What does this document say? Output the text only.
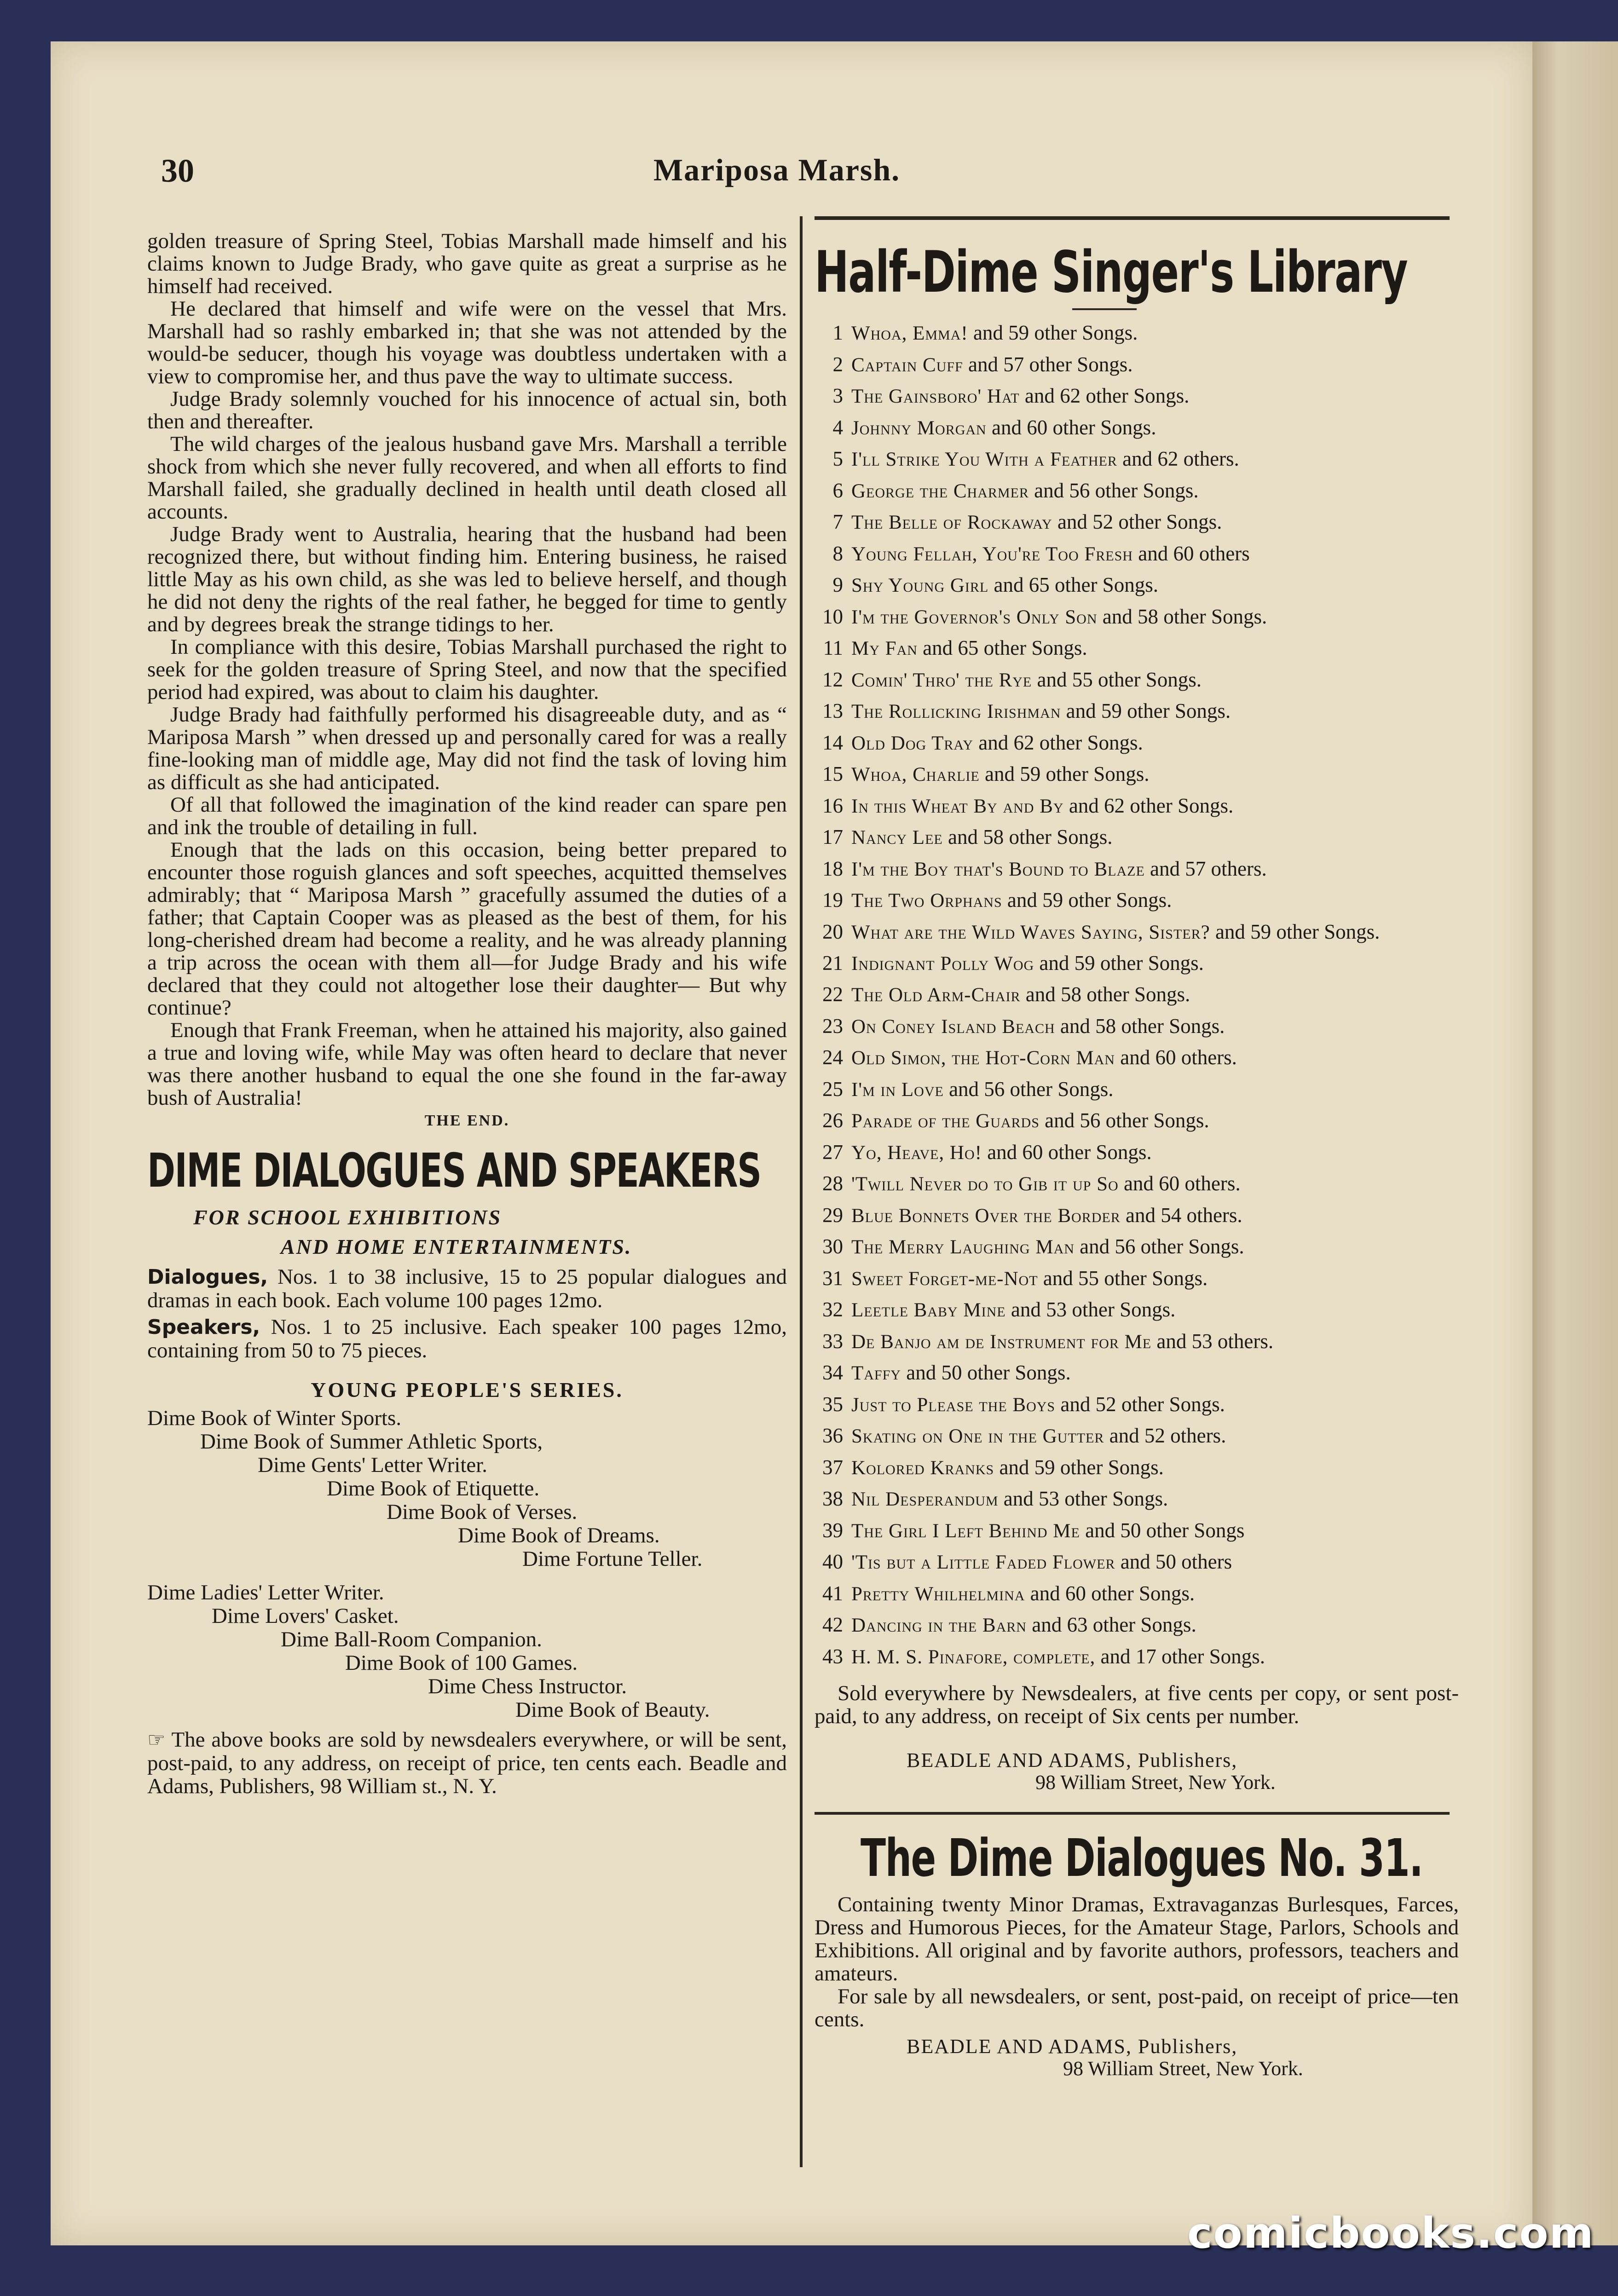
30	Mariposa Marsh.

golden treasure of Spring Steel, Tobias Marshall made himself and his claims known to Judge Brady, who gave quite as great a surprise as he himself had received.

He declared that himself and wife were on the vessel that Mrs. Marshall had so rashly embarked in; that she was not attended by the would-be seducer, though his voyage was doubtless undertaken with a view to compromise her, and thus pave the way to ultimate success.

Judge Brady solemnly vouched for his innocence of actual sin, both then and thereafter.

The wild charges of the jealous husband gave Mrs. Marshall a terrible shock from which she never fully recovered, and when all efforts to find Marshall failed, she gradually declined in health until death closed all accounts.

Judge Brady went to Australia, hearing that the husband had been recognized there, but without finding him. Entering business, he raised little May as his own child, as she was led to believe herself, and though he did not deny the rights of the real father, he begged for time to gently and by degrees break the strange tidings to her.

In compliance with this desire, Tobias Marshall purchased the right to seek for the golden treasure of Spring Steel, and now that the specified period had expired, was about to claim his daughter.

Judge Brady had faithfully performed his disagreeable duty, and as “ Mariposa Marsh ” when dressed up and personally cared for was a really fine-looking man of middle age, May did not find the task of loving him as difficult as she had anticipated.

Of all that followed the imagination of the kind reader can spare pen and ink the trouble of detailing in full.

Enough that the lads on this occasion, being better prepared to encounter those roguish glances and soft speeches, acquitted themselves admirably; that “ Mariposa Marsh ” gracefully assumed the duties of a father; that Captain Cooper was as pleased as the best of them, for his long-cherished dream had become a reality, and he was already planning a trip across the ocean with them all—for Judge Brady and his wife declared that they could not altogether lose their daughter— But why continue?

Enough that Frank Freeman, when he attained his majority, also gained a true and loving wife, while May was often heard to declare that never was there another husband to equal the one she found in the far-away bush of Australia!

THE END.
DIME DIALOGUES AND SPEAKERS
FOR SCHOOL EXHIBITIONS
AND HOME ENTERTAINMENTS.

Dialogues, Nos. 1 to 38 inclusive, 15 to 25 popular dialogues and dramas in each book. Each volume 100 pages 12mo.

Speakers, Nos. 1 to 25 inclusive. Each speaker 100 pages 12mo, containing from 50 to 75 pieces.

YOUNG PEOPLE'S SERIES.
Dime Book of Winter Sports.
Dime Book of Summer Athletic Sports,
Dime Gents' Letter Writer.
Dime Book of Etiquette.
Dime Book of Verses.
Dime Book of Dreams.
Dime Fortune Teller.
Dime Ladies' Letter Writer.
Dime Lovers' Casket.
Dime Ball-Room Companion.
Dime Book of 100 Games.
Dime Chess Instructor.
Dime Book of Beauty.

☞ The above books are sold by newsdealers everywhere, or will be sent, post-paid, to any address, on receipt of price, ten cents each. Beadle and Adams, Publishers, 98 William st., N. Y.

Half-Dime Singer's Library
1 Whoa, Emma! and 59 other Songs.
2 Captain Cuff and 57 other Songs.
3 The Gainsboro' Hat and 62 other Songs.
4 Johnny Morgan and 60 other Songs.
5 I'll Strike You With a Feather and 62 others.
6 George the Charmer and 56 other Songs.
7 The Belle of Rockaway and 52 other Songs.
8 Young Fellah, You're Too Fresh and 60 others
9 Shy Young Girl and 65 other Songs.
10 I'm the Governor's Only Son and 58 other Songs.
11 My Fan and 65 other Songs.
12 Comin' Thro' the Rye and 55 other Songs.
13 The Rollicking Irishman and 59 other Songs.
14 Old Dog Tray and 62 other Songs.
15 Whoa, Charlie and 59 other Songs.
16 In this Wheat By and By and 62 other Songs.
17 Nancy Lee and 58 other Songs.
18 I'm the Boy that's Bound to Blaze and 57 others.
19 The Two Orphans and 59 other Songs.
20 What are the Wild Waves Saying, Sister? and 59 other Songs.
21 Indignant Polly Wog and 59 other Songs.
22 The Old Arm-Chair and 58 other Songs.
23 On Coney Island Beach and 58 other Songs.
24 Old Simon, the Hot-Corn Man and 60 others.
25 I'm in Love and 56 other Songs.
26 Parade of the Guards and 56 other Songs.
27 Yo, Heave, Ho! and 60 other Songs.
28 'Twill Never do to Gib it up So and 60 others.
29 Blue Bonnets Over the Border and 54 others.
30 The Merry Laughing Man and 56 other Songs.
31 Sweet Forget-me-Not and 55 other Songs.
32 Leetle Baby Mine and 53 other Songs.
33 De Banjo am de Instrument for Me and 53 others.
34 Taffy and 50 other Songs.
35 Just to Please the Boys and 52 other Songs.
36 Skating on One in the Gutter and 52 others.
37 Kolored Kranks and 59 other Songs.
38 Nil Desperandum and 53 other Songs.
39 The Girl I Left Behind Me and 50 other Songs
40 'Tis but a Little Faded Flower and 50 others
41 Pretty Whilhelmina and 60 other Songs.
42 Dancing in the Barn and 63 other Songs.
43 H. M. S. Pinafore, complete, and 17 other Songs.

Sold everywhere by Newsdealers, at five cents per copy, or sent post-paid, to any address, on receipt of Six cents per number.

BEADLE AND ADAMS, Publishers,
98 William Street, New York.
The Dime Dialogues No. 31.

Containing twenty Minor Dramas, Extravaganzas Burlesques, Farces, Dress and Humorous Pieces, for the Amateur Stage, Parlors, Schools and Exhibitions. All original and by favorite authors, professors, teachers and amateurs.

For sale by all newsdealers, or sent, post-paid, on receipt of price—ten cents.

BEADLE AND ADAMS, Publishers,
98 William Street, New York.
comicbooks.com
